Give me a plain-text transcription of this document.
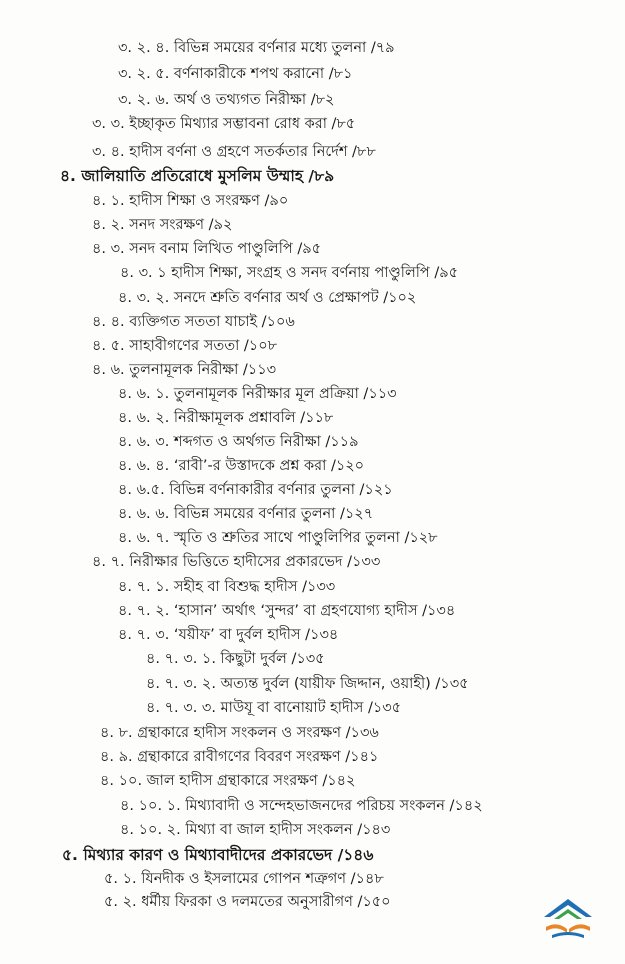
৩. ২. ৪. বিভিন্ন সময়ের বর্ণনার মধ্যে তুলনা /৭৯
৩. ২. ৫. বর্ণনাকারীকে শপথ করানো /৮১
৩. ২. ৬. অর্থ ও তথ্যগত নিরীক্ষা /৮২
৩. ৩. ইচ্ছাকৃত মিথ্যার সম্ভাবনা রোধ করা /৮৫
৩. ৪. হাদীস বর্ণনা ও গ্রহণে সতর্কতার নির্দেশ /৮৮
৪. জালিয়াতি প্রতিরোধে মুসলিম উম্মাহ /৮৯
৪. ১. হাদীস শিক্ষা ও সংরক্ষণ /৯০
৪. ২. সনদ সংরক্ষণ /৯২
৪. ৩. সনদ বনাম লিখিত পাণ্ডুলিপি /৯৫
৪. ৩. ১ হাদীস শিক্ষা, সংগ্রহ ও সনদ বর্ণনায় পাণ্ডুলিপি /৯৫
৪. ৩. ২. সনদে শ্রুতি বর্ণনার অর্থ ও প্রেক্ষাপট /১০২
৪. ৪. ব্যক্তিগত সততা যাচাই /১০৬
৪. ৫. সাহাবীগণের সততা /১০৮
৪. ৬. তুলনামূলক নিরীক্ষা /১১৩
৪. ৬. ১. তুলনামূলক নিরীক্ষার মূল প্রক্রিয়া /১১৩
৪. ৬. ২. নিরীক্ষামূলক প্রশ্নাবলি /১১৮
৪. ৬. ৩. শব্দগত ও অর্থগত নিরীক্ষা /১১৯
৪. ৬. ৪. ‘রাবী’-র উস্তাদকে প্রশ্ন করা /১২০
৪. ৬.৫. বিভিন্ন বর্ণনাকারীর বর্ণনার তুলনা /১২১
৪. ৬. ৬. বিভিন্ন সময়ের বর্ণনার তুলনা /১২৭
৪. ৬. ৭. স্মৃতি ও শ্রুতির সাথে পাণ্ডুলিপির তুলনা /১২৮
৪. ৭. নিরীক্ষার ভিত্তিতে হাদীসের প্রকারভেদ /১৩৩
৪. ৭. ১. সহীহ বা বিশুদ্ধ হাদীস /১৩৩
৪. ৭. ২. ‘হাসান’ অর্থাৎ ‘সুন্দর’ বা গ্রহণযোগ্য হাদীস /১৩৪
৪. ৭. ৩. ‘যয়ীফ’ বা দুর্বল হাদীস /১৩৪
৪. ৭. ৩. ১. কিছুটা দুর্বল /১৩৫
৪. ৭. ৩. ২. অত্যন্ত দুর্বল (যায়ীফ জিদ্দান, ওয়াহী) /১৩৫
৪. ৭. ৩. ৩. মাউযূ বা বানোয়াট হাদীস /১৩৫
৪. ৮. গ্রন্থাকারে হাদীস সংকলন ও সংরক্ষণ /১৩৬
৪. ৯. গ্রন্থাকারে রাবীগণের বিবরণ সংরক্ষণ /১৪১
৪. ১০. জাল হাদীস গ্রন্থাকারে সংরক্ষণ /১৪২
৪. ১০. ১. মিথ্যাবাদী ও সন্দেহভাজনদের পরিচয় সংকলন /১৪২
৪. ১০. ২. মিথ্যা বা জাল হাদীস সংকলন /১৪৩
৫. মিথ্যার কারণ ও মিথ্যাবাদীদের প্রকারভেদ /১৪৬
৫. ১. যিনদীক ও ইসলামের গোপন শত্রুগণ /১৪৮
৫. ২. ধর্মীয় ফিরকা ও দলমতের অনুসারীগণ /১৫০
